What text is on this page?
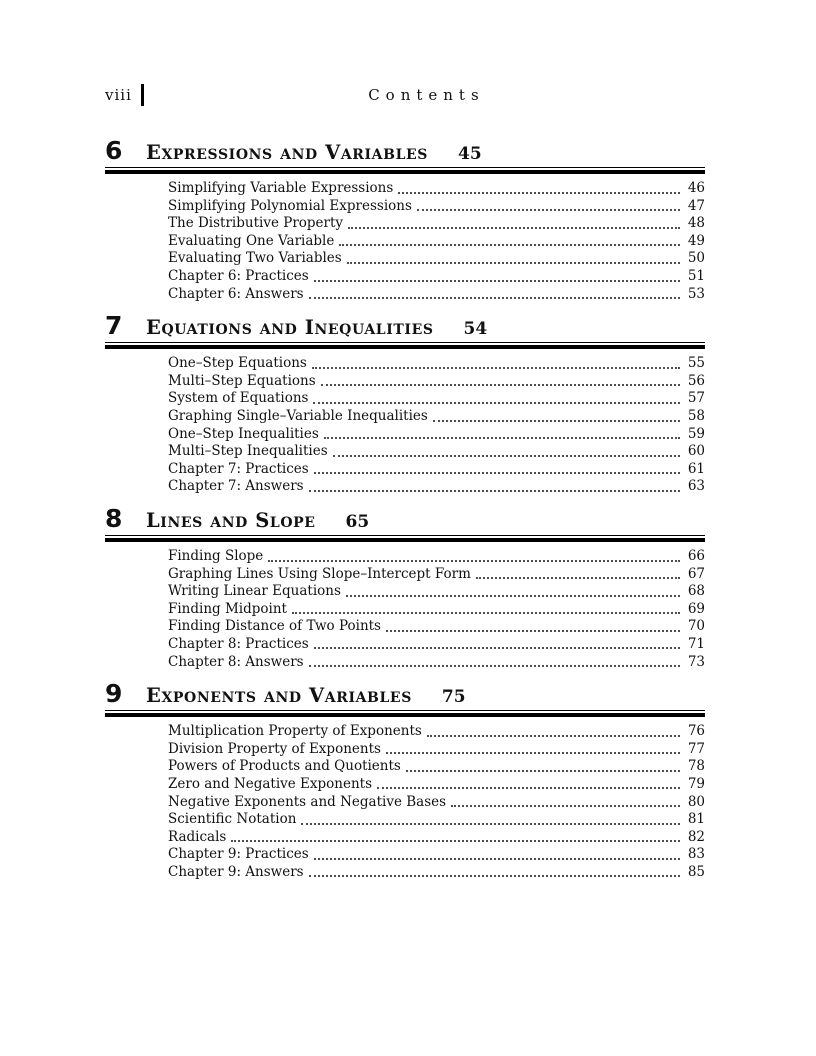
viii	Contents
6	Expressions and Variables 45
Simplifying Variable Expressions	46
Simplifying Polynomial Expressions	47
The Distributive Property	48
Evaluating One Variable	49
Evaluating Two Variables	50
Chapter 6: Practices	51
Chapter 6: Answers	53
7	Equations and Inequalities 54
One–Step Equations	55
Multi–Step Equations	56
System of Equations	57
Graphing Single–Variable Inequalities	58
One–Step Inequalities	59
Multi–Step Inequalities	60
Chapter 7: Practices	61
Chapter 7: Answers	63
8	Lines and Slope 65
Finding Slope	66
Graphing Lines Using Slope–Intercept Form	67
Writing Linear Equations	68
Finding Midpoint	69
Finding Distance of Two Points	70
Chapter 8: Practices	71
Chapter 8: Answers	73
9	Exponents and Variables 75
Multiplication Property of Exponents	76
Division Property of Exponents	77
Powers of Products and Quotients	78
Zero and Negative Exponents	79
Negative Exponents and Negative Bases	80
Scientific Notation	81
Radicals	82
Chapter 9: Practices	83
Chapter 9: Answers	85
